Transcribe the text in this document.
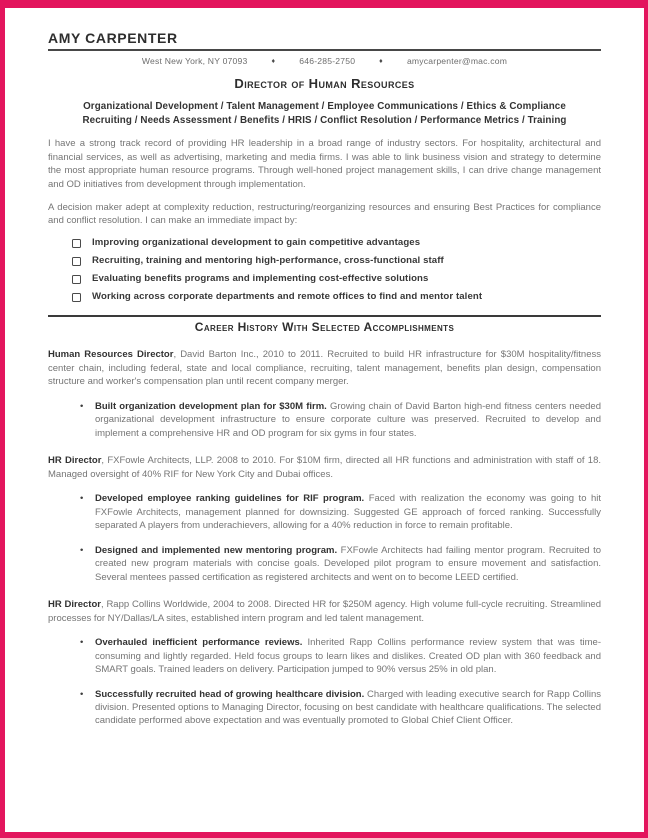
AMY CARPENTER
West New York, NY 07093	♦	646-285-2750	♦	amycarpenter@mac.com
Director of Human Resources
Organizational Development / Talent Management / Employee Communications / Ethics & Compliance
Recruiting / Needs Assessment / Benefits / HRIS / Conflict Resolution / Performance Metrics / Training

I have a strong track record of providing HR leadership in a broad range of industry sectors. For hospitality, architectural and financial services, as well as advertising, marketing and media firms. I was able to link business vision and strategy to determine the most appropriate human resource programs. Through well-honed project management skills, I can drive change management and OD initiatives from development through implementation.

A decision maker adept at complexity reduction, restructuring/reorganizing resources and ensuring Best Practices for compliance and conflict resolution. I can make an immediate impact by:

Improving organizational development to gain competitive advantages
Recruiting, training and mentoring high-performance, cross-functional staff
Evaluating benefits programs and implementing cost-effective solutions
Working across corporate departments and remote offices to find and mentor talent
Career History With Selected Accomplishments

Human Resources Director, David Barton Inc., 2010 to 2011. Recruited to build HR infrastructure for $30M hospitality/fitness center chain, including federal, state and local compliance, recruiting, talent management, benefits plan design, compensation structure and worker's compensation plan until recent company merger.

•	Built organization development plan for $30M firm. Growing chain of David Barton high-end fitness centers needed organizational development infrastructure to ensure corporate culture was preserved. Recruited to develop and implement a comprehensive HR and OD program for six gyms in four states.

HR Director, FXFowle Architects, LLP. 2008 to 2010. For $10M firm, directed all HR functions and administration with staff of 18. Managed oversight of 40% RIF for New York City and Dubai offices.

•	Developed employee ranking guidelines for RIF program. Faced with realization the economy was going to hit FXFowle Architects, management planned for downsizing. Suggested GE approach of forced ranking. Successfully separated A players from underachievers, allowing for a 40% reduction in force to remain profitable.
•	Designed and implemented new mentoring program. FXFowle Architects had failing mentor program. Recruited to created new program materials with concise goals. Developed pilot program to ensure movement and satisfaction. Several mentees passed certification as registered architects and went on to become LEED certified.

HR Director, Rapp Collins Worldwide, 2004 to 2008. Directed HR for $250M agency. High volume full-cycle recruiting. Streamlined processes for NY/Dallas/LA sites, established intern program and led talent management.

•	Overhauled inefficient performance reviews. Inherited Rapp Collins performance review system that was time-consuming and lightly regarded. Held focus groups to learn likes and dislikes. Created OD plan with 360 feedback and SMART goals. Trained leaders on delivery. Participation jumped to 90% versus 25% in old plan.
•	Successfully recruited head of growing healthcare division. Charged with leading executive search for Rapp Collins division. Presented options to Managing Director, focusing on best candidate with healthcare qualifications. The selected candidate performed above expectation and was eventually promoted to Global Chief Client Officer.
